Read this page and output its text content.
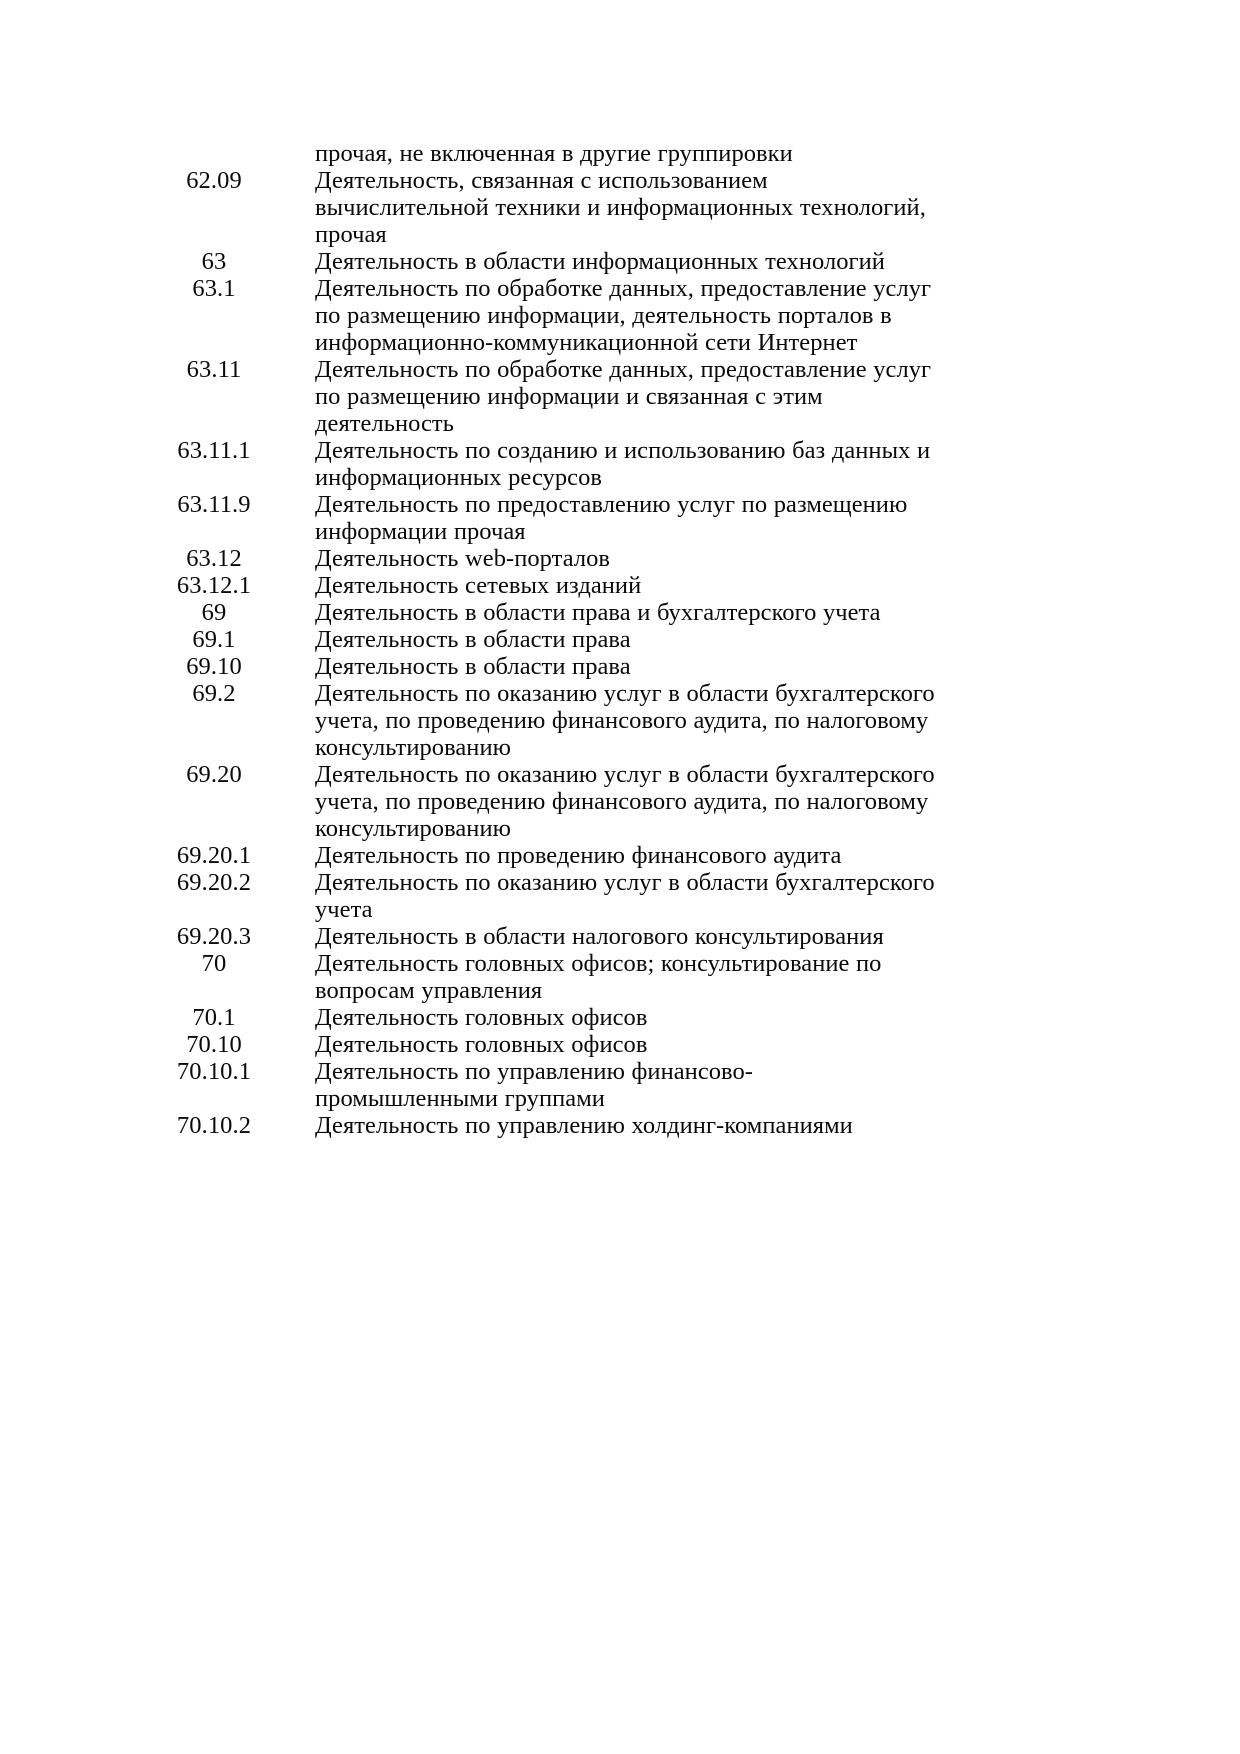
			прочая, не включенная в другие группировки	
	62.09		Деятельность, связанная с использованием вычислительной техники и информационных технологий, прочая	
	63		Деятельность в области информационных технологий	
	63.1		Деятельность по обработке данных, предоставление услуг по размещению информации, деятельность порталов в информационно-коммуникационной сети Интернет	
	63.11		Деятельность по обработке данных, предоставление услуг по размещению информации и связанная с этим деятельность	
	63.11.1		Деятельность по созданию и использованию баз данных и информационных ресурсов	
	63.11.9		Деятельность по предоставлению услуг по размещению информации прочая	
	63.12		Деятельность web-порталов	
	63.12.1		Деятельность сетевых изданий	
	69		Деятельность в области права и бухгалтерского учета	
	69.1		Деятельность в области права	
	69.10		Деятельность в области права	
	69.2		Деятельность по оказанию услуг в области бухгалтерского учета, по проведению финансового аудита, по налоговому консультированию	
	69.20		Деятельность по оказанию услуг в области бухгалтерского учета, по проведению финансового аудита, по налоговому консультированию	
	69.20.1		Деятельность по проведению финансового аудита	
	69.20.2		Деятельность по оказанию услуг в области бухгалтерского учета	
	69.20.3		Деятельность в области налогового консультирования	
	70		Деятельность головных офисов; консультирование по вопросам управления	
	70.1		Деятельность головных офисов	
	70.10		Деятельность головных офисов	
	70.10.1		Деятельность по управлению финансово-промышленными группами	
	70.10.2		Деятельность по управлению холдинг-компаниями	
